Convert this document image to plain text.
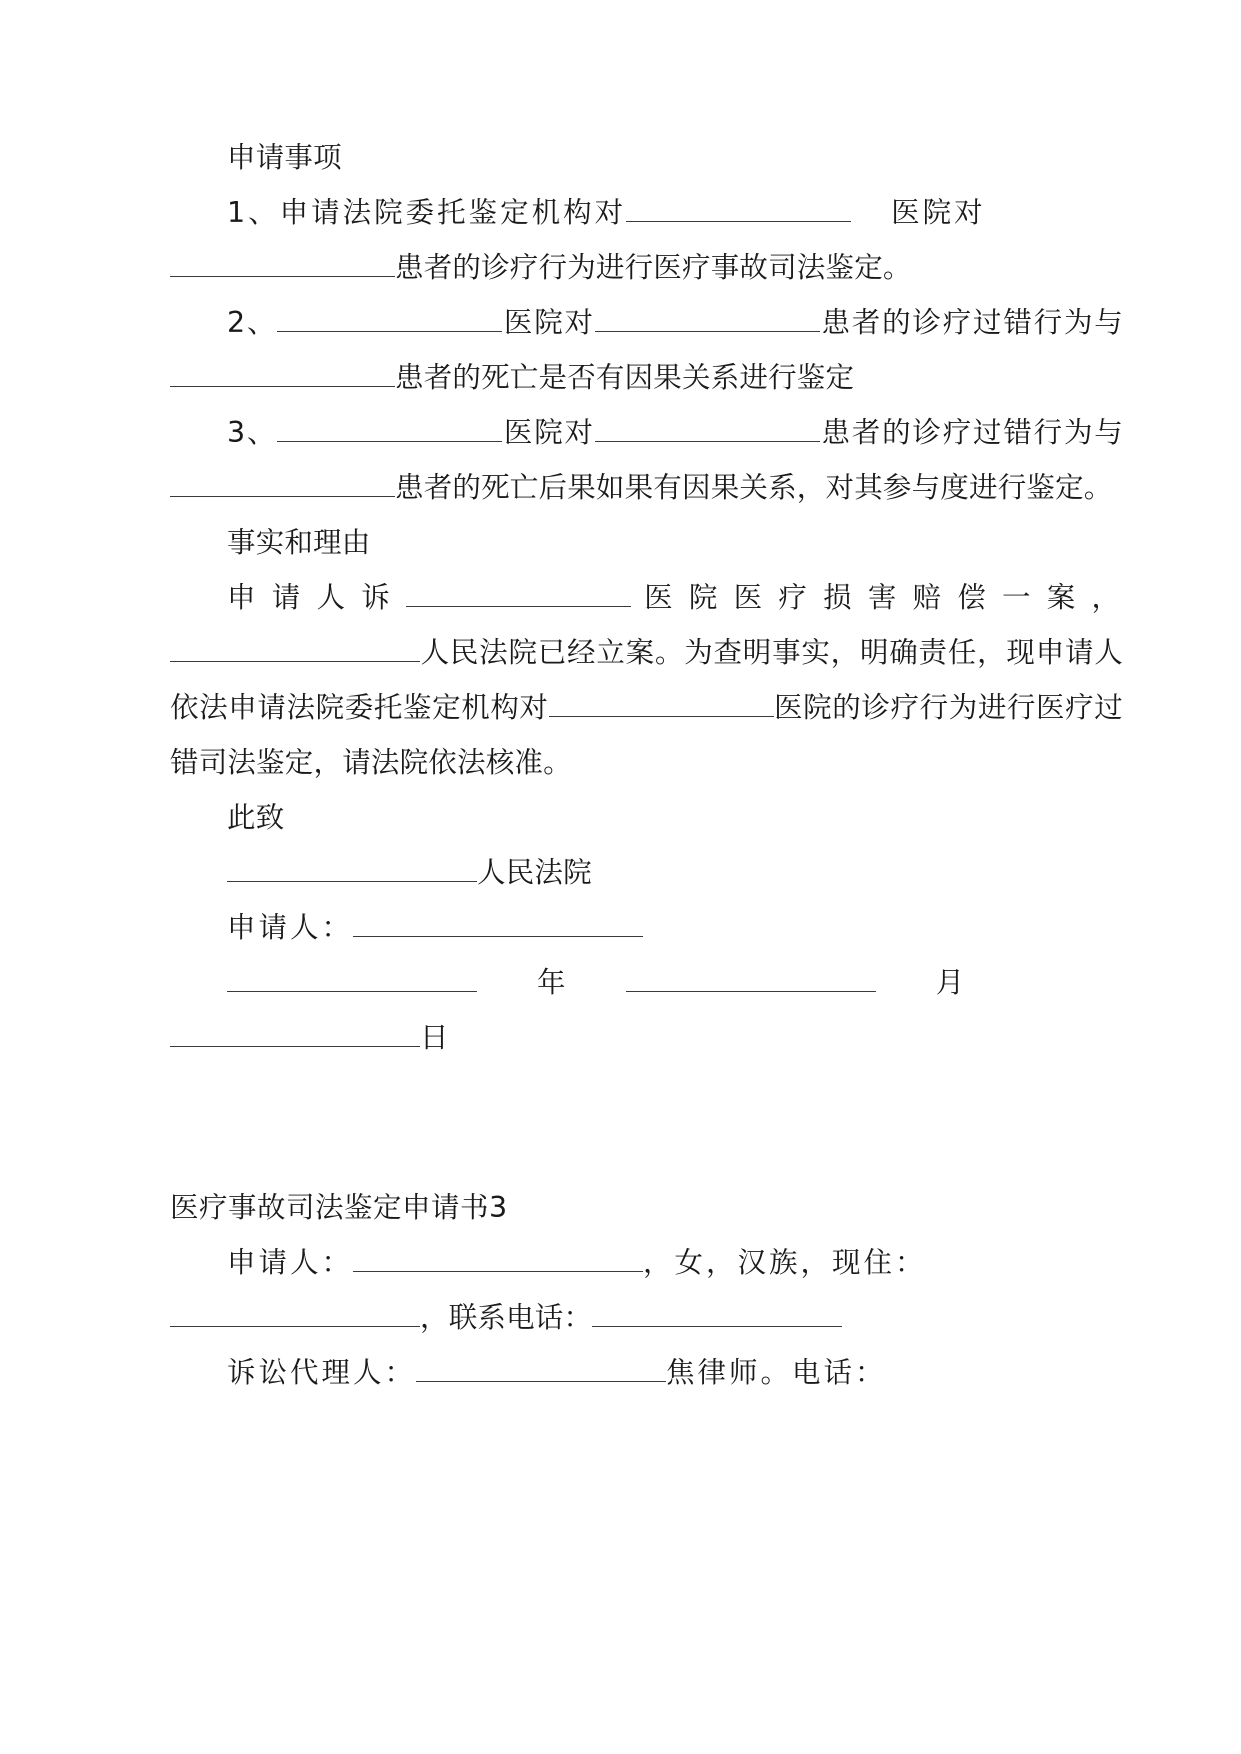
申请事项

1、申请法院委托鉴定机构对	医院对
患者的诊疗行为进行医疗事故司法鉴定。

2、	医院对	患者的诊疗过错行为与患者的死亡是否有因果关系进行鉴定

3、	医院对	患者的诊疗过错行为与患者的死亡后果如果有因果关系，对其参与度进行鉴定。

事实和理由

申请人诉	医院医疗损害赔偿一案，人民法院已经立案。为查明事实，明确责任，现申请人依法申请法院委托鉴定机构对	医院的诊疗行为进行医疗过错司法鉴定，请法院依法核准。

此致

人民法院

申请人：

年	月

日

医疗事故司法鉴定申请书3

申请人：	，女，汉族，现住：
，联系电话：

诉讼代理人：	焦律师。电话：
